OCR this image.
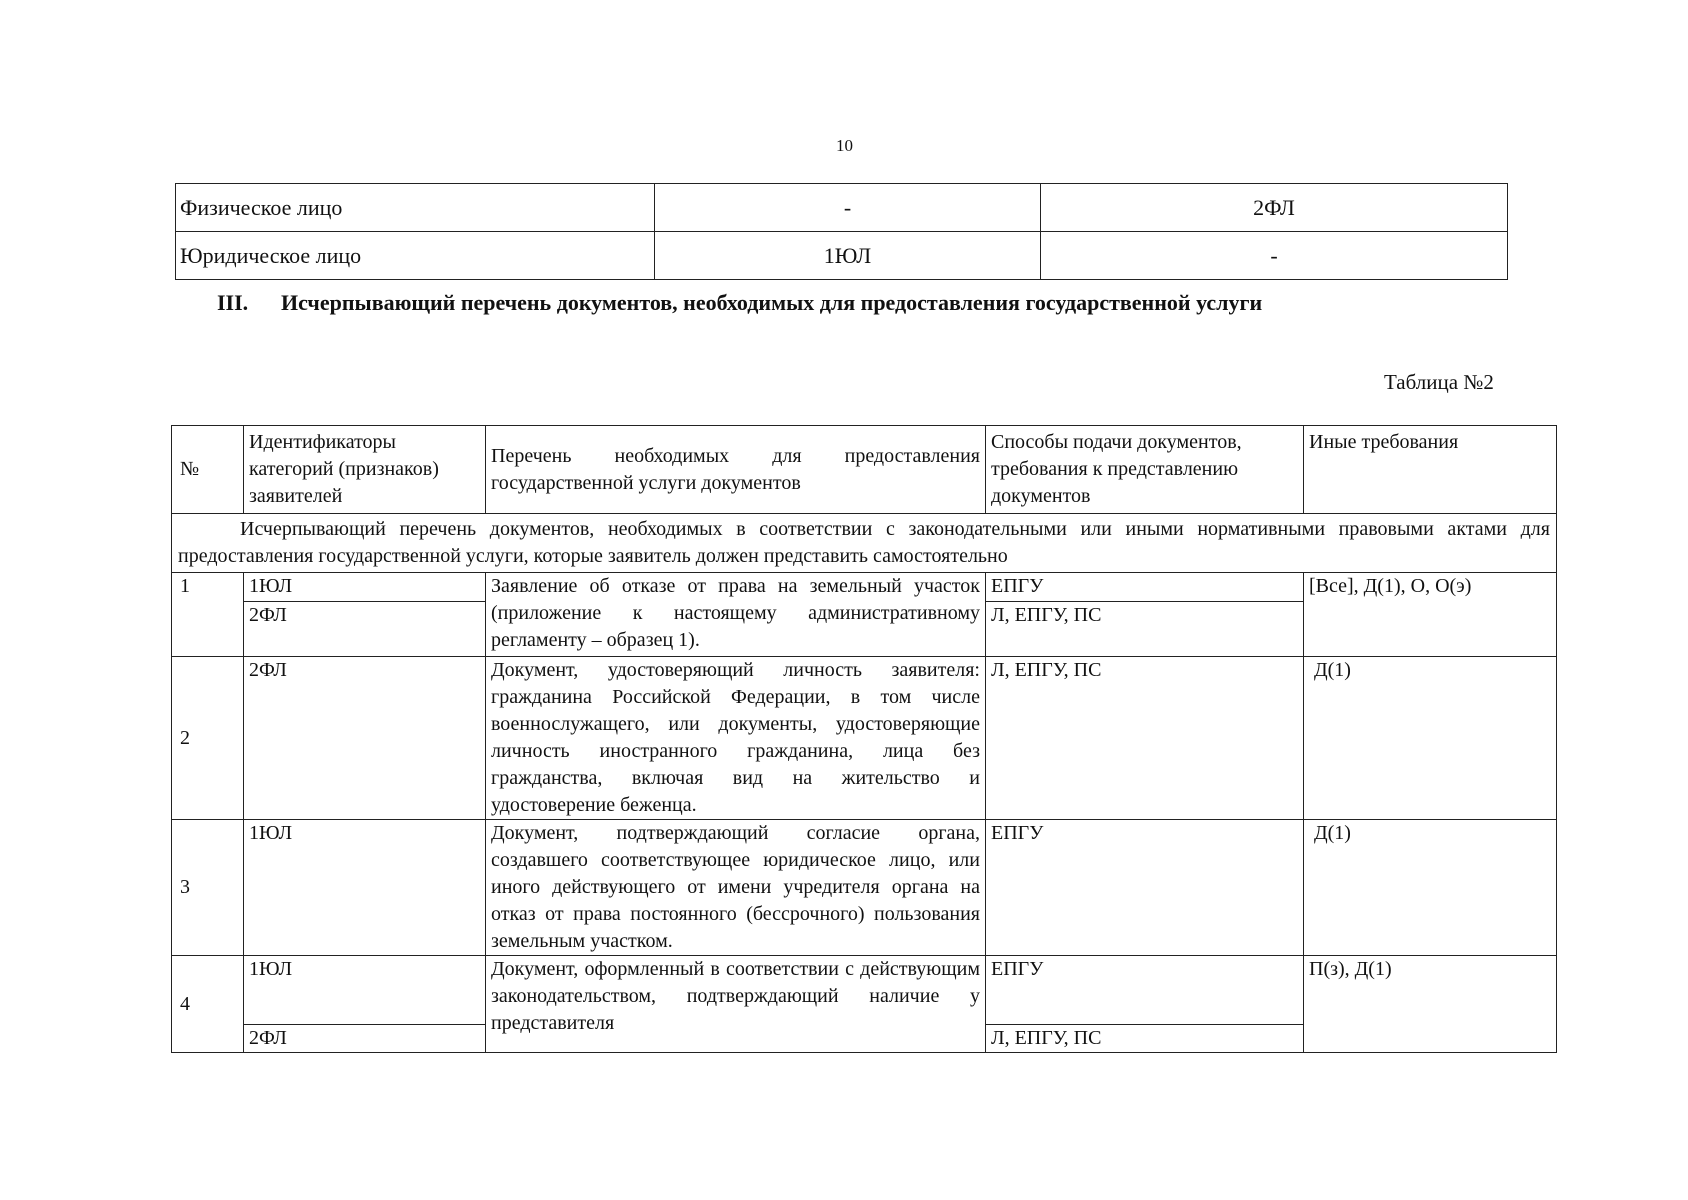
10
Физическое лицо	-	2ФЛ
Юридическое лицо	1ЮЛ	-
III. Исчерпывающий перечень документов, необходимых для предоставления государственной услуги
Таблица №2
№	Идентификаторы категорий (признаков) заявителей	Перечень необходимых для предоставления государственной услуги документов	Способы подачи документов, требования к представлению документов	Иные требования
Исчерпывающий перечень документов, необходимых в соответствии с законодательными или иными нормативными правовыми актами для предоставления государственной услуги, которые заявитель должен представить самостоятельно				
1	1ЮЛ	Заявление об отказе от права на земельный участок (приложение к настоящему административному регламенту – образец 1).	ЕПГУ	[Все], Д(1), О, О(э)
	2ФЛ		Л, ЕПГУ, ПС	
2	2ФЛ	Документ, удостоверяющий личность заявителя: гражданина Российской Федерации, в том числе военнослужащего, или документы, удостоверяющие личность иностранного гражданина, лица без гражданства, включая вид на жительство и удостоверение беженца.	Л, ЕПГУ, ПС	Д(1)
3	1ЮЛ	Документ, подтверждающий согласие органа, создавшего соответствующее юридическое лицо, или иного действующего от имени учредителя органа на отказ от права постоянного (бессрочного) пользования земельным участком.	ЕПГУ	Д(1)
4	1ЮЛ	Документ, оформленный в соответствии с действующим законодательством, подтверждающий наличие у представителя	ЕПГУ	П(з), Д(1)
	2ФЛ		Л, ЕПГУ, ПС	
